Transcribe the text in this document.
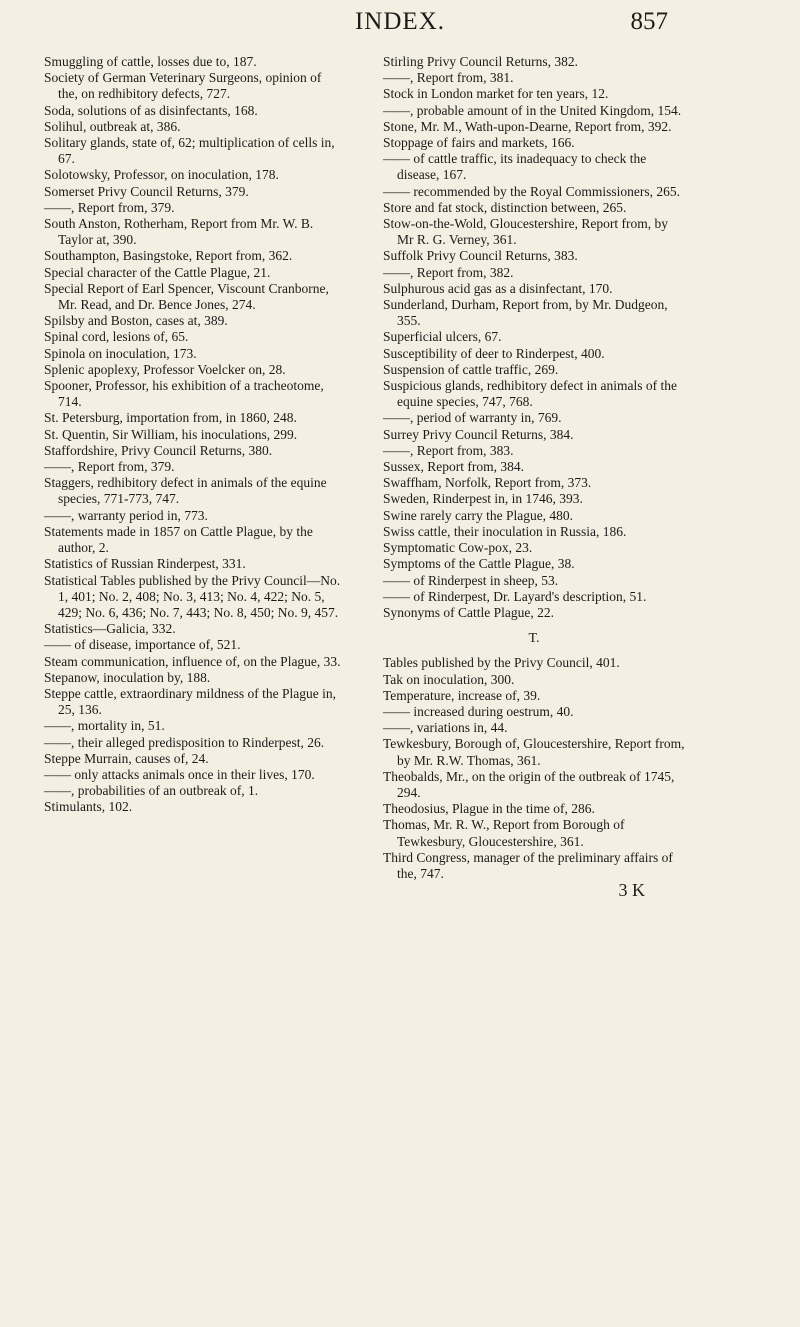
INDEX.	857

Smuggling of cattle, losses due to, 187.

Society of German Veterinary Surgeons, opinion of the, on redhibitory defects, 727.

Soda, solutions of as disinfectants, 168.

Solihul, outbreak at, 386.

Solitary glands, state of, 62; multiplication of cells in, 67.

Solotowsky, Professor, on inoculation, 178.

Somerset Privy Council Returns, 379.

——, Report from, 379.

South Anston, Rotherham, Report from Mr. W. B. Taylor at, 390.

Southampton, Basingstoke, Report from, 362.

Special character of the Cattle Plague, 21.

Special Report of Earl Spencer, Viscount Cranborne, Mr. Read, and Dr. Bence Jones, 274.

Spilsby and Boston, cases at, 389.

Spinal cord, lesions of, 65.

Spinola on inoculation, 173.

Splenic apoplexy, Professor Voelcker on, 28.

Spooner, Professor, his exhibition of a tracheotome, 714.

St. Petersburg, importation from, in 1860, 248.

St. Quentin, Sir William, his inoculations, 299.

Staffordshire, Privy Council Returns, 380.

——, Report from, 379.

Staggers, redhibitory defect in animals of the equine species, 771-773, 747.

——, warranty period in, 773.

Statements made in 1857 on Cattle Plague, by the author, 2.

Statistics of Russian Rinderpest, 331.

Statistical Tables published by the Privy Council—No. 1, 401; No. 2, 408; No. 3, 413; No. 4, 422; No. 5, 429; No. 6, 436; No. 7, 443; No. 8, 450; No. 9, 457.

Statistics—Galicia, 332.

—— of disease, importance of, 521.

Steam communication, influence of, on the Plague, 33.

Stepanow, inoculation by, 188.

Steppe cattle, extraordinary mildness of the Plague in, 25, 136.

——, mortality in, 51.

——, their alleged predisposition to Rinderpest, 26.

Steppe Murrain, causes of, 24.

—— only attacks animals once in their lives, 170.

——, probabilities of an outbreak of, 1.

Stimulants, 102.

Stirling Privy Council Returns, 382.

——, Report from, 381.

Stock in London market for ten years, 12.

——, probable amount of in the United Kingdom, 154.

Stone, Mr. M., Wath-upon-Dearne, Report from, 392.

Stoppage of fairs and markets, 166.

—— of cattle traffic, its inadequacy to check the disease, 167.

—— recommended by the Royal Commissioners, 265.

Store and fat stock, distinction between, 265.

Stow-on-the-Wold, Gloucestershire, Report from, by Mr R. G. Verney, 361.

Suffolk Privy Council Returns, 383.

——, Report from, 382.

Sulphurous acid gas as a disinfectant, 170.

Sunderland, Durham, Report from, by Mr. Dudgeon, 355.

Superficial ulcers, 67.

Susceptibility of deer to Rinderpest, 400.

Suspension of cattle traffic, 269.

Suspicious glands, redhibitory defect in animals of the equine species, 747, 768.

——, period of warranty in, 769.

Surrey Privy Council Returns, 384.

——, Report from, 383.

Sussex, Report from, 384.

Swaffham, Norfolk, Report from, 373.

Sweden, Rinderpest in, in 1746, 393.

Swine rarely carry the Plague, 480.

Swiss cattle, their inoculation in Russia, 186.

Symptomatic Cow-pox, 23.

Symptoms of the Cattle Plague, 38.

—— of Rinderpest in sheep, 53.

—— of Rinderpest, Dr. Layard's description, 51.

Synonyms of Cattle Plague, 22.

T.

Tables published by the Privy Council, 401.

Tak on inoculation, 300.

Temperature, increase of, 39.

—— increased during oestrum, 40.

——, variations in, 44.

Tewkesbury, Borough of, Gloucestershire, Report from, by Mr. R.W. Thomas, 361.

Theobalds, Mr., on the origin of the outbreak of 1745, 294.

Theodosius, Plague in the time of, 286.

Thomas, Mr. R. W., Report from Borough of Tewkesbury, Gloucestershire, 361.

Third Congress, manager of the preliminary affairs of the, 747.

3 K
